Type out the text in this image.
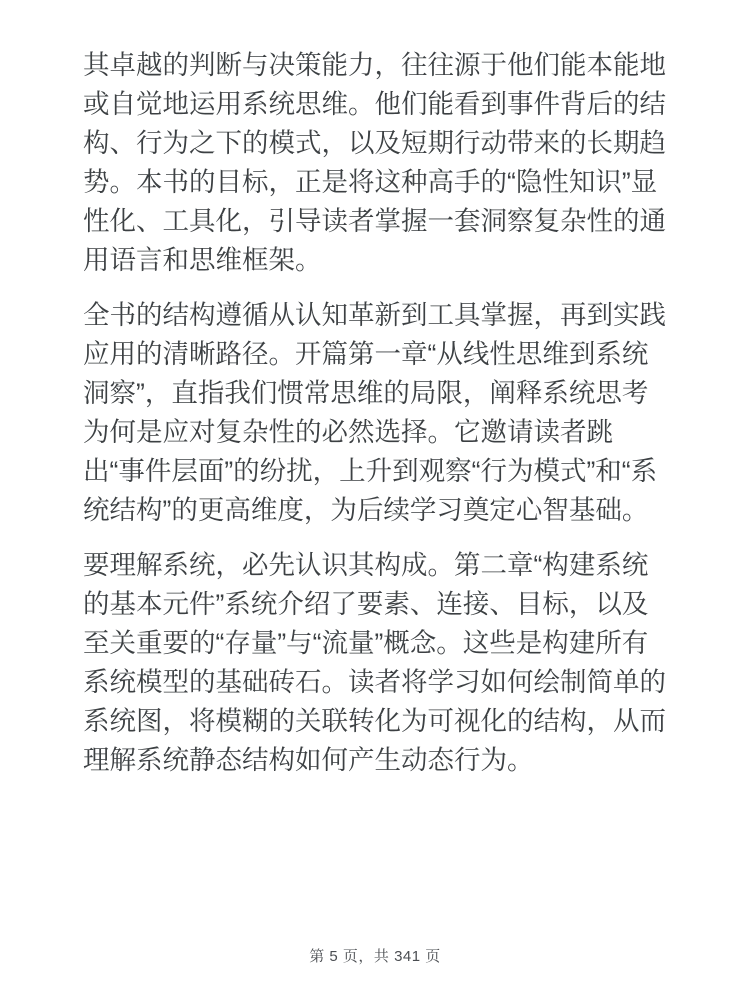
其卓越的判断与决策能力，往往源于他们能本能地或自觉地运用系统思维。他们能看到事件背后的结构、行为之下的模式，以及短期行动带来的长期趋势。本书的目标，正是将这种高手的“隐性知识”显性化、工具化，引导读者掌握一套洞察复杂性的通用语言和思维框架。

全书的结构遵循从认知革新到工具掌握，再到实践应用的清晰路径。开篇第一章“从线性思维到系统洞察”，直指我们惯常思维的局限，阐释系统思考为何是应对复杂性的必然选择。它邀请读者跳出“事件层面”的纷扰，上升到观察“行为模式”和“系统结构”的更高维度，为后续学习奠定心智基础。

要理解系统，必先认识其构成。第二章“构建系统的基本元件”系统介绍了要素、连接、目标，以及至关重要的“存量”与“流量”概念。这些是构建所有系统模型的基础砖石。读者将学习如何绘制简单的系统图，将模糊的关联转化为可视化的结构，从而理解系统静态结构如何产生动态行为。

第 5 页，共 341 页
